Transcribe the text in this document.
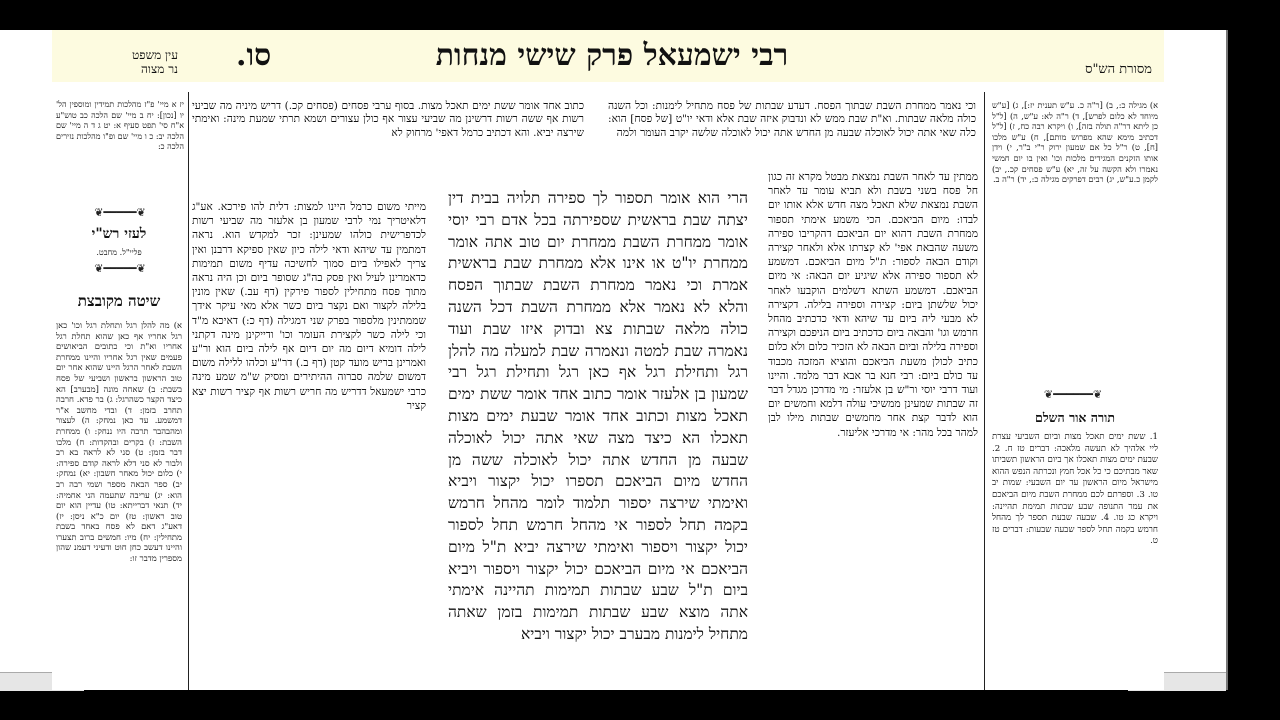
מסורת הש"ס
רבי ישמעאל פרק שישי מנחות
סו.
עין משפט
נר מצוה
יז א מיי' פ"ז מהלכות תמידין ומוספין הל' יו [נכון]: יח ב מיי' שם הלכה כב טוש"ע א"ח סי' תפט סעיף א: יט ג ד ה מיי' שם הלכה יב: כ ו מיי' שם ופ"ו מהלכות נזירים הלכה כ:
❦━━━━━❦
לעזי רש"י
פליי"ל. מחבט.
❦━━━━━❦
שיטה מקובצת
א) מה להלן רגל ותחלת רגל וכו' כאן רגל אחריו אף כאן שהוא תחלת רגל אחריו וא"ת וכי כתובים הביאושים פעמים שאין רגל אחריו והיינו ממחרת השבת לאחר הרגל היינו שהוא אחר יום טוב הראשון בראשון ושביעי של פסח בשבת: ב) שאחה מונה [מבערב] הא כיצד הקצר כשהרגל: ג) בר פדא. חרבה תחרב בזמן: ד) ובדי מחשב א"ר דמשמע. עד כאן נמחק: ה) לעצור ומהבהבר תרבה היו ננחק: ו) ממחרת השבת: ז) בקרים ובהקדות: ח) מלכו דבר בזמן: ט) סני לא לראה בא רב ולבור לא סני דלא לראה קודם ספירה: י) כלום יכול מאחר חשבון: יא) נמחק: יב) ספר הבאה מספר ושמי רבה רב הוא: יג) עריבה שתעמה הני אחמיה: יד) תנאי דברייתא: טו) עדיין הוא יום טוב ראשון: טז) יום כ"א ניסן: יז) דאע"ג דאם לא פסח באחד בשבת מתחילין: יח) מיו: חמשים ברוב תצערו והיינו דעשב כחן חוט ודעיני דעמנ שהון מספרין מדבר זו:
כתוב אחד אומר ששת ימים תאכל מצות. בסוף ערבי פסחים (פסחים קכ.) דריש מיניה מה שביעי רשות אף ששה רשות דרשינן מה שביעי עצור אף כולן עצורים ושמא תרתי שמעת מינה: ואימתי שירצה יביא. והא דכתיב כרמל דאפי' מרחוק לא
וכי נאמר ממחרת השבת שבתוך הפסח. דעדע שבתות של פסח מתחיל לימנות: וכל השנה כולה מלאה שבתות. וא"ת שבת ממש לא ונדבוק איזה שבת אלא ודאי יו"ט [של פסח] הוא: כלה שאי אתה יכול לאוכלה שבעה מן החדש אתה יכול לאוכלה שלשה יקרב העומר ולמה
הרי הוא אומר תספור לך ספירה תלויה בבית דין יצתה שבת בראשית שספירתה בכל אדם רבי יוסי אומר ממחרת השבת ממחרת יום טוב אתה אומר ממחרת יו"ט או אינו אלא ממחרת שבת בראשית אמרת וכי נאמר ממחרת השבת שבתוך הפסח והלא לא נאמר אלא ממחרת השבת דכל השנה כולה מלאה שבתות צא ובדוק איזו שבת ועוד נאמרה שבת למטה ונאמרה שבת למעלה מה להלן רגל ותחילת רגל אף כאן רגל ותחילת רגל רבי שמעון בן אלעזר אומר כתוב אחד אומר ששת ימים תאכל מצות וכתוב אחד אומר שבעת ימים מצות תאכלו הא כיצד מצה שאי אתה יכול לאוכלה שבעה מן החדש אתה יכול לאוכלה ששה מן החדש מיום הביאכם תספרו יכול יקצור ויביא ואימתי שירצה יספור תלמוד לומר מהחל חרמש בקמה תחל לספור אי מהחל חרמש תחל לספור יכול יקצור ויספור ואימתי שירצה יביא ת"ל מיום הביאכם אי מיום הביאכם יכול יקצור ויספור ויביא ביום ת"ל שבע שבתות תמימות תהיינה אימתי אתה מוצא שבע שבתות תמימות בזמן שאתה מתחיל לימנות מבערב יכול יקצור ויביא
מייתי משום כרמל היינו למצות: דלית להו פירכא. אע"ג דלאיטריך נמי לרבי שמעון בן אלעזר מה שביעי רשות לכדפרישית כולהו שמעינן: זכר למקדש הוא. נראה דמתמין עד שיהא ודאי לילה כיון שאין ספיקא דרבנן ואין צריך לאפילו ביום סמוך לחשיכה עדיף משום תמימות כדאמרינן לעיל ואין פסק בה"ג שסופר ביום וכן היה נראה מתוך פסח מתחילין לספור פירקין (דף עב.) שאין מונין בלילה לקצור ואם נקצר ביום כשר אלא מאי עיקר אידך שממתינין מלספור בפרק שני דמגילה (דף כ:) דאיכא מ"ד וכי לילה כשר לקצירת העומר וכו' ודייקינן מינה דקתני לילה דומיא דיום מה יום דיום אף לילה ביום הוא ור"ע ואמרינן בריש מועד קטן (דף ב.) דר"ע וכלהו ללילה משום דמשום שלמה סברוה ההיתירים ומסיק ש"מ שמע מינה כרבי ישמעאל דדריש מה חריש רשות אף קציר רשות יצא קציר
ממתין עד לאחר השבת נמצאת מבטל מקרא זה כגון חל פסח בשני בשבת ולא תביא עומר עד לאחר השבת נמצאת שלא תאכל מצה חדש אלא אותו יום לבדו: מיום הביאכם. הכי משמע אימתי תספור ממחרת השבת דהוא יום הביאכם דהקריבו ספירה משעה שהבאת אפי' לא קצרתו אלא ולאחר קצירה וקודם הבאה לספור: ת"ל מיום הביאכם. דמשמע לא תספור ספירה אלא שיגיע יום הבאה: אי מיום הביאכם. דמשמע השתא דשלמים הוקבעו לאחר יכול שלשתן ביום: קצירה וספירה בלילה. דקצירה לא מבעי ליה ביום עד שיהא ודאי כדכתיב מהחל חרמש וגו' והבאה ביום כדכתיב ביום הניפכם וקצירה וספירה בלילה וביום הבאה לא הזכיר כלום ולא כלום כתיב לכולן משעת הביאכם והוציא המזכה מכבוד עד כולם ביום: רבי חנא בר אבא דבר מלמד. והיינו ועוד דרבי יוסי ור"ש בן אלעזר: מי מדרכן מגדל דבר זה שבתות שמעינן ממשיכי עולה דלמא וחמשים יום הוא לדבר קצת אחר מחמשים שבתות מילו לבן למהר בכל מהר: אי מדרכי אליעזר.
א) מגילה כ:, ב) [ר"ה כ. ע"ש תענית יז:], ג) [ע"ש מיוחד לא כלום לפרש], ד) ר"ה לא: ע"ש, ה) [ל"ל כן ליתא דר"ה תולה בזה], ו) ויקרא רבה כח, ז) [ל"ל דכתיב מימא שהא מפרוש מותם], ח) ע"ש מלכו [ח], ט) ר"ל כל אם שמעון ירוק ר"י ב"ר, י) וידן אותו הזקנים המגידים מלכות וכו' ואין בו יום חמשי נאמרו ולא הקשה על זה, יא) ע"ש פסחים קכ., יב) לקמן כ.ע"ש, יג) רבים דפרקים מגילה כ:, יד) ר"ה ב.
❦━━━━━━❦
תורה אור השלם
1. ששת ימים תאכל מצות וביום השביעי עצרת ליי אלהיך לא תעשה מלאכה: דברים טז ח. 2. שבעת ימים מצות תאכלו אך ביום הראשון תשביתו שאר מבתיכם כי כל אכל חמץ ונכרתה הנפש ההוא מישראל מיום הראשון עד יום השבעי: שמות יב טו. 3. וספרתם לכם ממחרת השבת מיום הביאכם את עמר התנופה שבע שבתות תמימת תהיינה: ויקרא כג טו. 4. שבעה שבעת תספר לך מהחל חרמש בקמה תחל לספר שבעה שבעות: דברים טז ט.
